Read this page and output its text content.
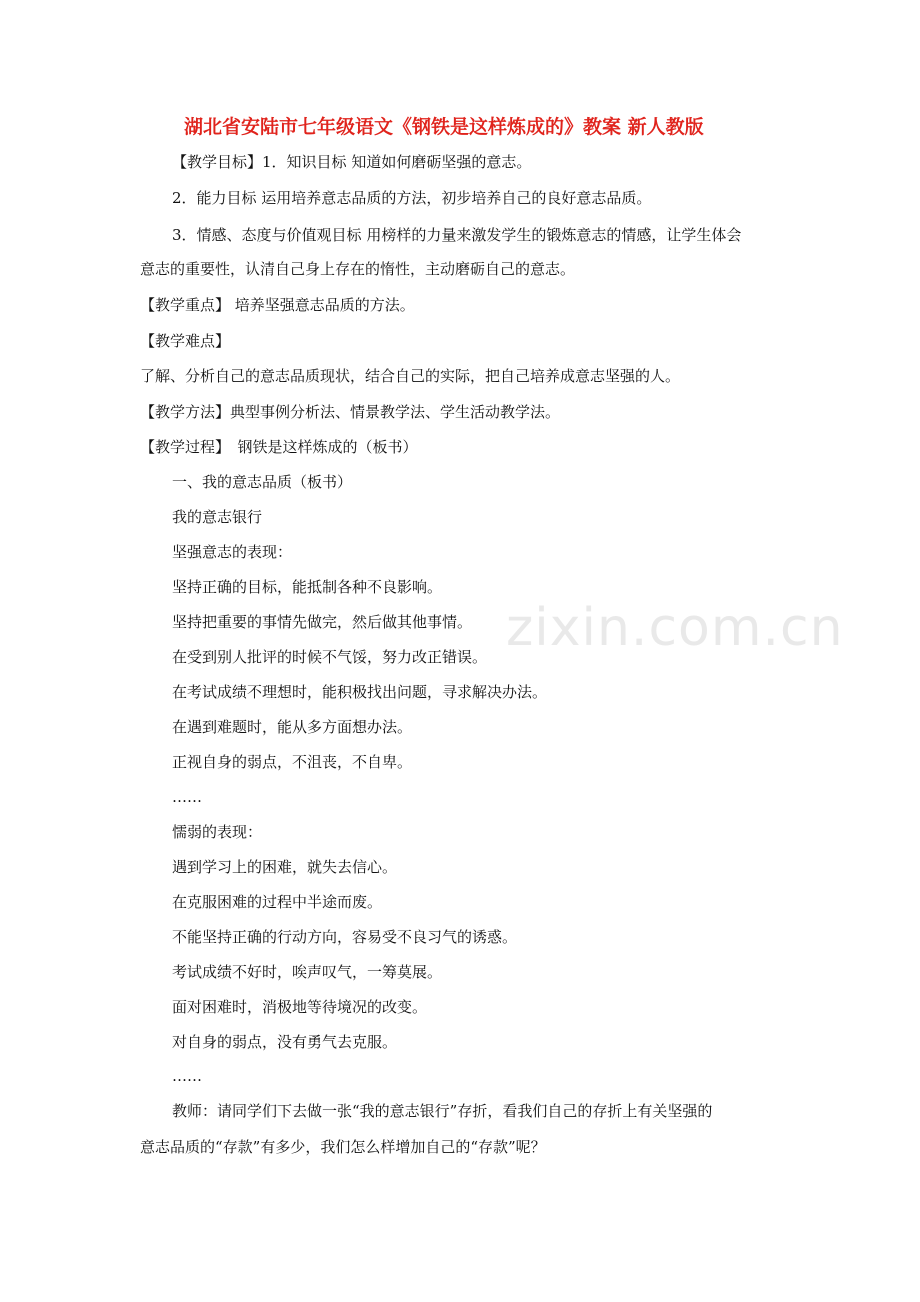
zixin.com.cn
湖北省安陆市七年级语文《钢铁是这样炼成的》教案 新人教版
【教学目标】1．知识目标 知道如何磨砺坚强的意志。
2．能力目标 运用培养意志品质的方法，初步培养自己的良好意志品质。
3．情感、态度与价值观目标 用榜样的力量来激发学生的锻炼意志的情感，让学生体会
意志的重要性，认清自己身上存在的惰性，主动磨砺自己的意志。
【教学重点】 培养坚强意志品质的方法。
【教学难点】
了解、分析自己的意志品质现状，结合自己的实际，把自己培养成意志坚强的人。
【教学方法】典型事例分析法、情景教学法、学生活动教学法。
【教学过程】　钢铁是这样炼成的（板书）
一、我的意志品质（板书）
我的意志银行
坚强意志的表现：
坚持正确的目标，能抵制各种不良影响。
坚持把重要的事情先做完，然后做其他事情。
在受到别人批评的时候不气馁，努力改正错误。
在考试成绩不理想时，能积极找出问题，寻求解决办法。
在遇到难题时，能从多方面想办法。
正视自身的弱点，不沮丧，不自卑。
……
懦弱的表现：
遇到学习上的困难，就失去信心。
在克服困难的过程中半途而废。
不能坚持正确的行动方向，容易受不良习气的诱惑。
考试成绩不好时，唉声叹气，一筹莫展。
面对困难时，消极地等待境况的改变。
对自身的弱点，没有勇气去克服。
……
教师：请同学们下去做一张“我的意志银行”存折，看我们自己的存折上有关坚强的
意志品质的“存款”有多少，我们怎么样增加自己的“存款”呢？
